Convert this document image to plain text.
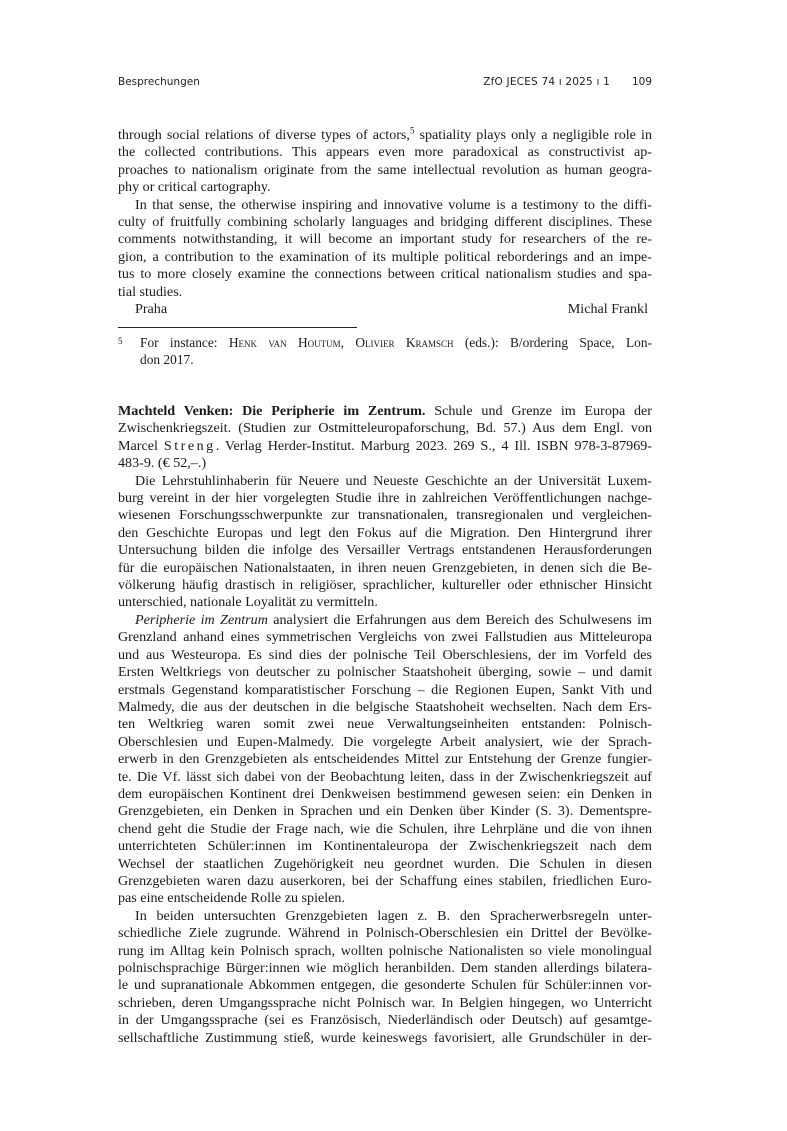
Besprechungen	ZfO JECES 74 ı 2025 ı 1 109

through social relations of diverse types of actors,$^5$ spatiality plays only a negligible role in
the collected contributions. This appears even more paradoxical as constructivist ap-
proaches to nationalism originate from the same intellectual revolution as human geogra-
phy or critical cartography.

In that sense, the otherwise inspiring and innovative volume is a testimony to the diffi-
culty of fruitfully combining scholarly languages and bridging different disciplines. These
comments notwithstanding, it will become an important study for researchers of the re-
gion, a contribution to the examination of its multiple political reborderings and an impe-
tus to more closely examine the connections between critical nationalism studies and spa-
tial studies.

Praha	Michal Frankl
5 For instance: Henk van Houtum, Olivier Kramsch (eds.): B/ordering Space, Lon-
don 2017.

Machteld Venken: Die Peripherie im Zentrum. Schule und Grenze im Europa der
Zwischenkriegszeit. (Studien zur Ostmitteleuropaforschung, Bd. 57.) Aus dem Engl. von
Marcel Streng. Verlag Herder-Institut. Marburg 2023. 269 S., 4 Ill. ISBN 978-3-87969-
483-9. (€ 52,–.)

Die Lehrstuhlinhaberin für Neuere und Neueste Geschichte an der Universität Luxem-
burg vereint in der hier vorgelegten Studie ihre in zahlreichen Veröffentlichungen nachge-
wiesenen Forschungsschwerpunkte zur transnationalen, transregionalen und vergleichen-
den Geschichte Europas und legt den Fokus auf die Migration. Den Hintergrund ihrer
Untersuchung bilden die infolge des Versailler Vertrags entstandenen Herausforderungen
für die europäischen Nationalstaaten, in ihren neuen Grenzgebieten, in denen sich die Be-
völkerung häufig drastisch in religiöser, sprachlicher, kultureller oder ethnischer Hinsicht
unterschied, nationale Loyalität zu vermitteln.

Peripherie im Zentrum analysiert die Erfahrungen aus dem Bereich des Schulwesens im
Grenzland anhand eines symmetrischen Vergleichs von zwei Fallstudien aus Mitteleuropa
und aus Westeuropa. Es sind dies der polnische Teil Oberschlesiens, der im Vorfeld des
Ersten Weltkriegs von deutscher zu polnischer Staatshoheit überging, sowie – und damit
erstmals Gegenstand komparatistischer Forschung – die Regionen Eupen, Sankt Vith und
Malmedy, die aus der deutschen in die belgische Staatshoheit wechselten. Nach dem Ers-
ten Weltkrieg waren somit zwei neue Verwaltungseinheiten entstanden: Polnisch-
Oberschlesien und Eupen-Malmedy. Die vorgelegte Arbeit analysiert, wie der Sprach-
erwerb in den Grenzgebieten als entscheidendes Mittel zur Entstehung der Grenze fungier-
te. Die Vf. lässt sich dabei von der Beobachtung leiten, dass in der Zwischenkriegszeit auf
dem europäischen Kontinent drei Denkweisen bestimmend gewesen seien: ein Denken in
Grenzgebieten, ein Denken in Sprachen und ein Denken über Kinder (S. 3). Dementspre-
chend geht die Studie der Frage nach, wie die Schulen, ihre Lehrpläne und die von ihnen
unterrichteten Schüler:innen im Kontinentaleuropa der Zwischenkriegszeit nach dem
Wechsel der staatlichen Zugehörigkeit neu geordnet wurden. Die Schulen in diesen
Grenzgebieten waren dazu auserkoren, bei der Schaffung eines stabilen, friedlichen Euro-
pas eine entscheidende Rolle zu spielen.

In beiden untersuchten Grenzgebieten lagen z. B. den Spracherwerbsregeln unter-
schiedliche Ziele zugrunde. Während in Polnisch-Oberschlesien ein Drittel der Bevölke-
rung im Alltag kein Polnisch sprach, wollten polnische Nationalisten so viele monolingual
polnischsprachige Bürger:innen wie möglich heranbilden. Dem standen allerdings bilatera-
le und supranationale Abkommen entgegen, die gesonderte Schulen für Schüler:innen vor-
schrieben, deren Umgangssprache nicht Polnisch war. In Belgien hingegen, wo Unterricht
in der Umgangssprache (sei es Französisch, Niederländisch oder Deutsch) auf gesamtge-
sellschaftliche Zustimmung stieß, wurde keineswegs favorisiert, alle Grundschüler in der-
